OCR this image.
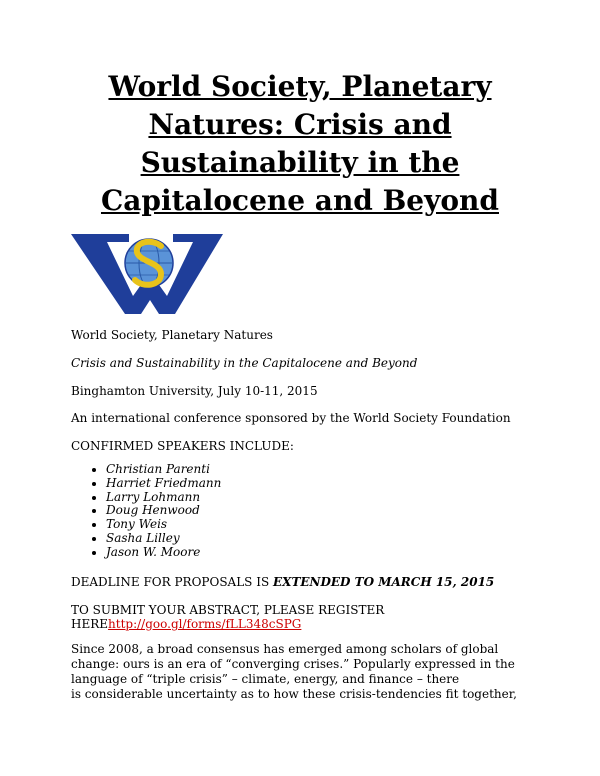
World Society, Planetary
Natures: Crisis and
Sustainability in the
Capitalocene and Beyond

World Society, Planetary Natures

Crisis and Sustainability in the Capitalocene and Beyond

Binghamton University, July 10-11, 2015

An international conference sponsored by the World Society Foundation

CONFIRMED SPEAKERS INCLUDE:

• Christian Parenti
• Harriet Friedmann
• Larry Lohmann
• Doug Henwood
• Tony Weis
• Sasha Lilley
• Jason W. Moore

DEADLINE FOR PROPOSALS IS EXTENDED TO MARCH 15, 2015

TO SUBMIT YOUR ABSTRACT, PLEASE REGISTER

HEREhttp://goo.gl/forms/fLL348cSPG

Since 2008, a broad consensus has emerged among scholars of global
change: ours is an era of “converging crises.” Popularly expressed in the
language of “triple crisis” – climate, energy, and finance – there
is considerable uncertainty as to how these crisis-tendencies fit together,
